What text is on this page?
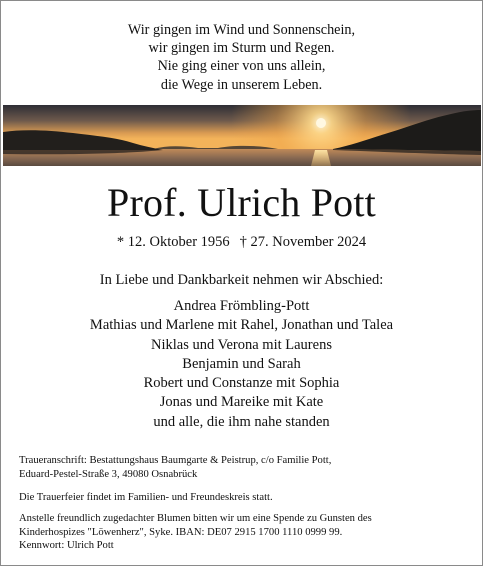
Wir gingen im Wind und Sonnenschein,
wir gingen im Sturm und Regen.
Nie ging einer von uns allein,
die Wege in unserem Leben.
Prof. Ulrich Pott
* 12. Oktober 1956 † 27. November 2024
In Liebe und Dankbarkeit nehmen wir Abschied:
Andrea Frömbling-Pott
Mathias und Marlene mit Rahel, Jonathan und Talea
Niklas und Verona mit Laurens
Benjamin und Sarah
Robert und Constanze mit Sophia
Jonas und Mareike mit Kate
und alle, die ihm nahe standen
Traueranschrift: Bestattungshaus Baumgarte & Peistrup, c/o Familie Pott,
Eduard-Pestel-Straße 3, 49080 Osnabrück
Die Trauerfeier findet im Familien- und Freundeskreis statt.
Anstelle freundlich zugedachter Blumen bitten wir um eine Spende zu Gunsten des
Kinderhospizes "Löwenherz", Syke. IBAN: DE07 2915 1700 1110 0999 99.
Kennwort: Ulrich Pott
